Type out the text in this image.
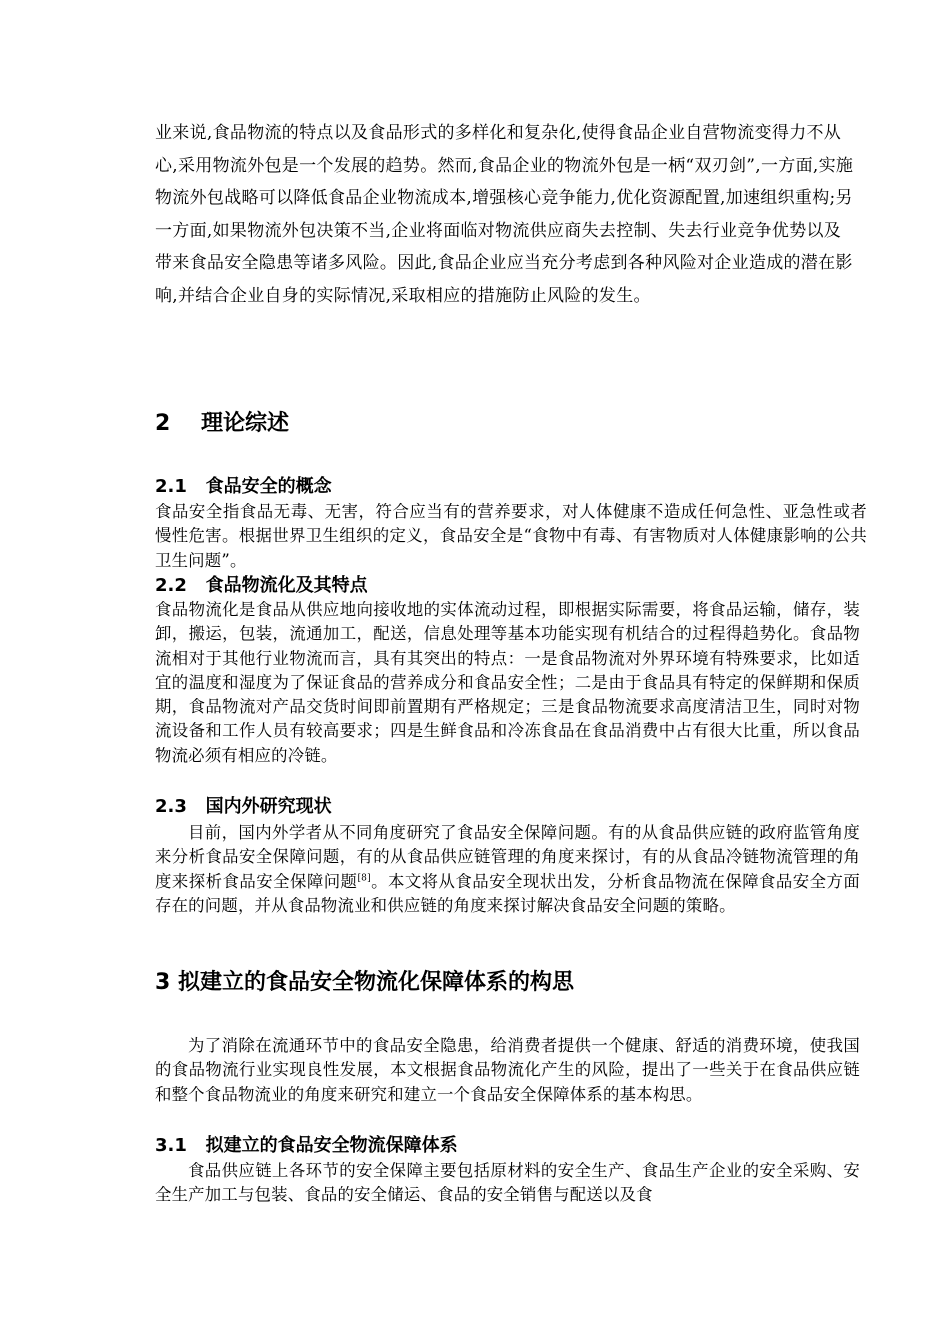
业来说,食品物流的特点以及食品形式的多样化和复杂化,使得食品企业自营物流变得力不从心,采用物流外包是一个发展的趋势。然而,食品企业的物流外包是一柄“双刃剑”,一方面,实施物流外包战略可以降低食品企业物流成本,增强核心竞争能力,优化资源配置,加速组织重构;另一方面,如果物流外包决策不当,企业将面临对物流供应商失去控制、失去行业竞争优势以及带来食品安全隐患等诸多风险。因此,食品企业应当充分考虑到各种风险对企业造成的潜在影响,并结合企业自身的实际情况,采取相应的措施防止风险的发生。

2    理论综述
2.1   食品安全的概念

食品安全指食品无毒、无害，符合应当有的营养要求，对人体健康不造成任何急性、亚急性或者慢性危害。根据世界卫生组织的定义，食品安全是“食物中有毒、有害物质对人体健康影响的公共卫生问题”。

2.2   食品物流化及其特点

食品物流化是食品从供应地向接收地的实体流动过程，即根据实际需要，将食品运输，储存，装卸，搬运，包装，流通加工，配送，信息处理等基本功能实现有机结合的过程得趋势化。食品物流相对于其他行业物流而言，具有其突出的特点：一是食品物流对外界环境有特殊要求，比如适宜的温度和湿度为了保证食品的营养成分和食品安全性；二是由于食品具有特定的保鲜期和保质期，食品物流对产品交货时间即前置期有严格规定；三是食品物流要求高度清洁卫生，同时对物流设备和工作人员有较高要求；四是生鲜食品和冷冻食品在食品消费中占有很大比重，所以食品物流必须有相应的冷链。

2.3   国内外研究现状

目前，国内外学者从不同角度研究了食品安全保障问题。有的从食品供应链的政府监管角度来分析食品安全保障问题，有的从食品供应链管理的角度来探讨，有的从食品冷链物流管理的角度来探析食品安全保障问题[8]。本文将从食品安全现状出发，分析食品物流在保障食品安全方面存在的问题，并从食品物流业和供应链的角度来探讨解决食品安全问题的策略。

3 拟建立的食品安全物流化保障体系的构思

为了消除在流通环节中的食品安全隐患，给消费者提供一个健康、舒适的消费环境，使我国的食品物流行业实现良性发展，本文根据食品物流化产生的风险，提出了一些关于在食品供应链和整个食品物流业的角度来研究和建立一个食品安全保障体系的基本构思。

3.1   拟建立的食品安全物流保障体系

食品供应链上各环节的安全保障主要包括原材料的安全生产、食品生产企业的安全采购、安全生产加工与包装、食品的安全储运、食品的安全销售与配送以及食
